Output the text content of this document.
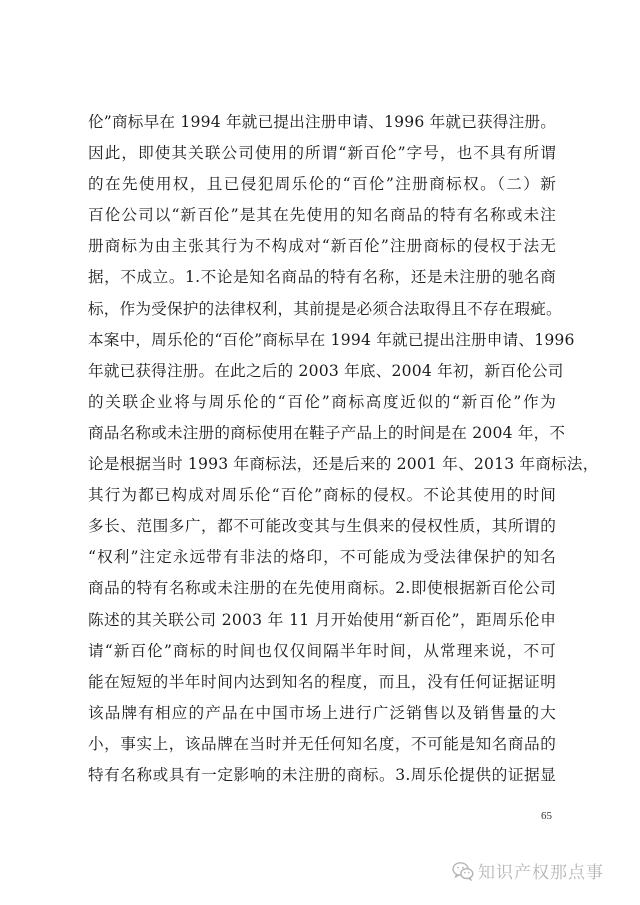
伦”商标早在 1994 年就已提出注册申请、1996 年就已获得注册。
因此，即使其关联公司使用的所谓“新百伦”字号，也不具有所谓
的在先使用权，且已侵犯周乐伦的“百伦”注册商标权。（二）新
百伦公司以“新百伦”是其在先使用的知名商品的特有名称或未注
册商标为由主张其行为不构成对“新百伦”注册商标的侵权于法无
据，不成立。1.不论是知名商品的特有名称，还是未注册的驰名商
标，作为受保护的法律权利，其前提是必须合法取得且不存在瑕疵。
本案中，周乐伦的“百伦”商标早在 1994 年就已提出注册申请、1996
年就已获得注册。在此之后的 2003 年底、2004 年初，新百伦公司
的关联企业将与周乐伦的“百伦”商标高度近似的“新百伦”作为
商品名称或未注册的商标使用在鞋子产品上的时间是在 2004 年，不
论是根据当时 1993 年商标法，还是后来的 2001 年、2013 年商标法，
其行为都已构成对周乐伦“百伦”商标的侵权。不论其使用的时间
多长、范围多广，都不可能改变其与生俱来的侵权性质，其所谓的
“权利”注定永远带有非法的烙印，不可能成为受法律保护的知名
商品的特有名称或未注册的在先使用商标。2.即使根据新百伦公司
陈述的其关联公司 2003 年 11 月开始使用“新百伦”，距周乐伦申
请“新百伦”商标的时间也仅仅间隔半年时间，从常理来说，不可
能在短短的半年时间内达到知名的程度，而且，没有任何证据证明
该品牌有相应的产品在中国市场上进行广泛销售以及销售量的大
小，事实上，该品牌在当时并无任何知名度，不可能是知名商品的
特有名称或具有一定影响的未注册的商标。3.周乐伦提供的证据显
65
知识产权那点事
